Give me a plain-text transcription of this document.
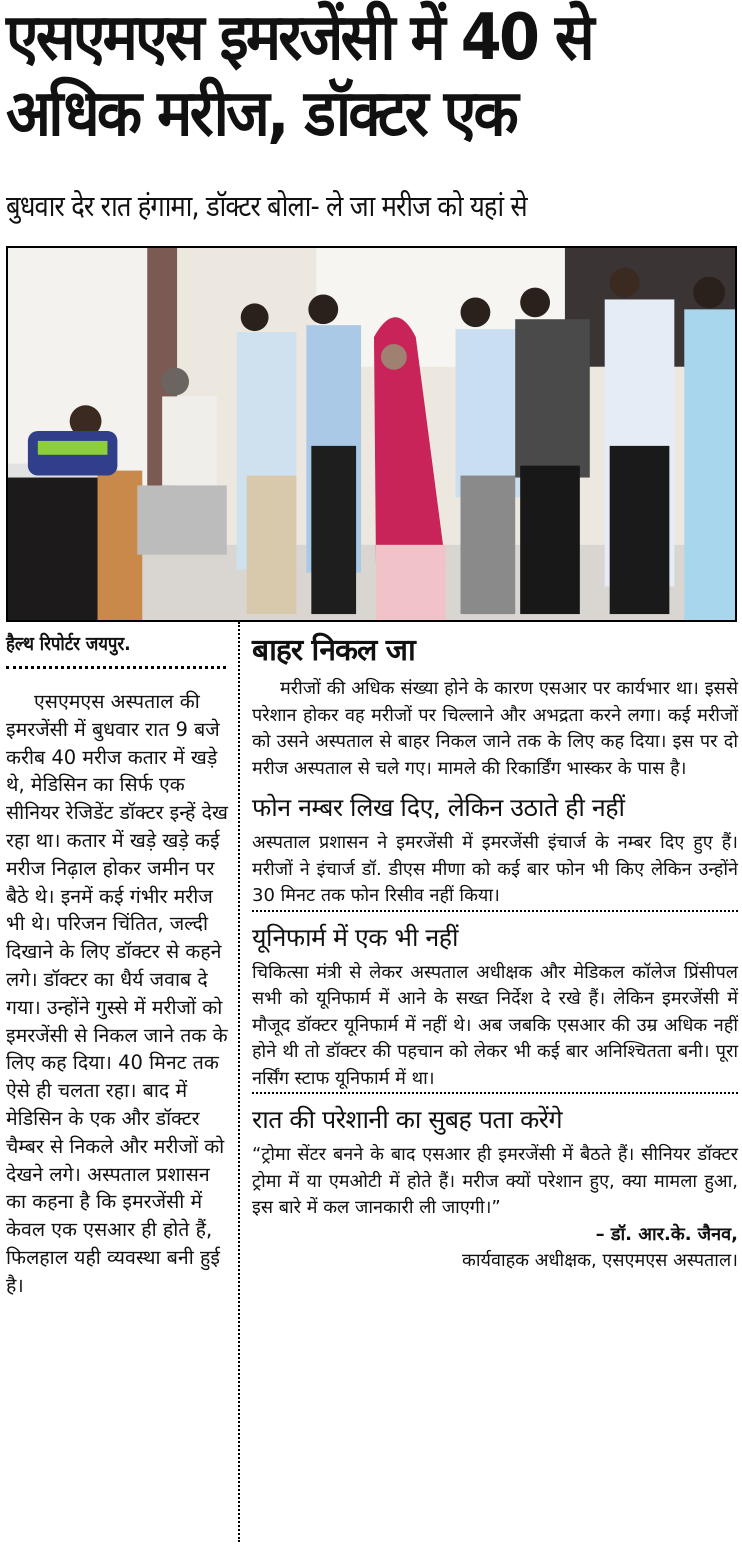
एसएमएस इमरजेंसी में 40 से
अधिक मरीज, डॉक्टर एक
बुधवार देर रात हंगामा, डॉक्टर बोला- ले जा मरीज को यहां से
हैल्थ रिपोर्टर जयपुर.

एसएमएस अस्पताल की इमरजेंसी में बुधवार रात 9 बजे करीब 40 मरीज कतार में खड़े थे, मेडिसिन का सिर्फ एक सीनियर रेजिडेंट डॉक्टर इन्हें देख रहा था। कतार में खड़े खड़े कई मरीज निढ़ाल होकर जमीन पर बैठे थे। इनमें कई गंभीर मरीज भी थे। परिजन चिंतित, जल्दी दिखाने के लिए डॉक्टर से कहने लगे। डॉक्टर का धैर्य जवाब दे गया। उन्होंने गुस्से में मरीजों को इमरजेंसी से निकल जाने तक के लिए कह दिया। 40 मिनट तक ऐसे ही चलता रहा। बाद में मेडिसिन के एक और डॉक्टर चैम्बर से निकले और मरीजों को देखने लगे। अस्पताल प्रशासन का कहना है कि इमरजेंसी में केवल एक एसआर ही होते हैं, फिलहाल यही व्यवस्था बनी हुई है।

बाहर निकल जा
मरीजों की अधिक संख्या होने के कारण एसआर पर कार्यभार था। इससे परेशान होकर वह मरीजों पर चिल्लाने और अभद्रता करने लगा। कई मरीजों को उसने अस्पताल से बाहर निकल जाने तक के लिए कह दिया। इस पर दो मरीज अस्पताल से चले गए। मामले की रिकार्डिंग भास्कर के पास है।
फोन नम्बर लिख दिए, लेकिन उठाते ही नहीं
अस्पताल प्रशासन ने इमरजेंसी में इमरजेंसी इंचार्ज के नम्बर दिए हुए हैं। मरीजों ने इंचार्ज डॉ. डीएस मीणा को कई बार फोन भी किए लेकिन उन्होंने 30 मिनट तक फोन रिसीव नहीं किया।
यूनिफार्म में एक भी नहीं
चिकित्सा मंत्री से लेकर अस्पताल अधीक्षक और मेडिकल कॉलेज प्रिंसीपल सभी को यूनिफार्म में आने के सख्त निर्देश दे रखे हैं। लेकिन इमरजेंसी में मौजूद डॉक्टर यूनिफार्म में नहीं थे। अब जबकि एसआर की उम्र अधिक नहीं होने थी तो डॉक्टर की पहचान को लेकर भी कई बार अनिश्चितता बनी। पूरा नर्सिंग स्टाफ यूनिफार्म में था।
रात की परेशानी का सुबह पता करेंगे
“ट्रोमा सेंटर बनने के बाद एसआर ही इमरजेंसी में बैठते हैं। सीनियर डॉक्टर ट्रोमा में या एमओटी में होते हैं। मरीज क्यों परेशान हुए, क्या मामला हुआ, इस बारे में कल जानकारी ली जाएगी।”
– डॉ. आर.के. जैनव,
कार्यवाहक अधीक्षक, एसएमएस अस्पताल।
